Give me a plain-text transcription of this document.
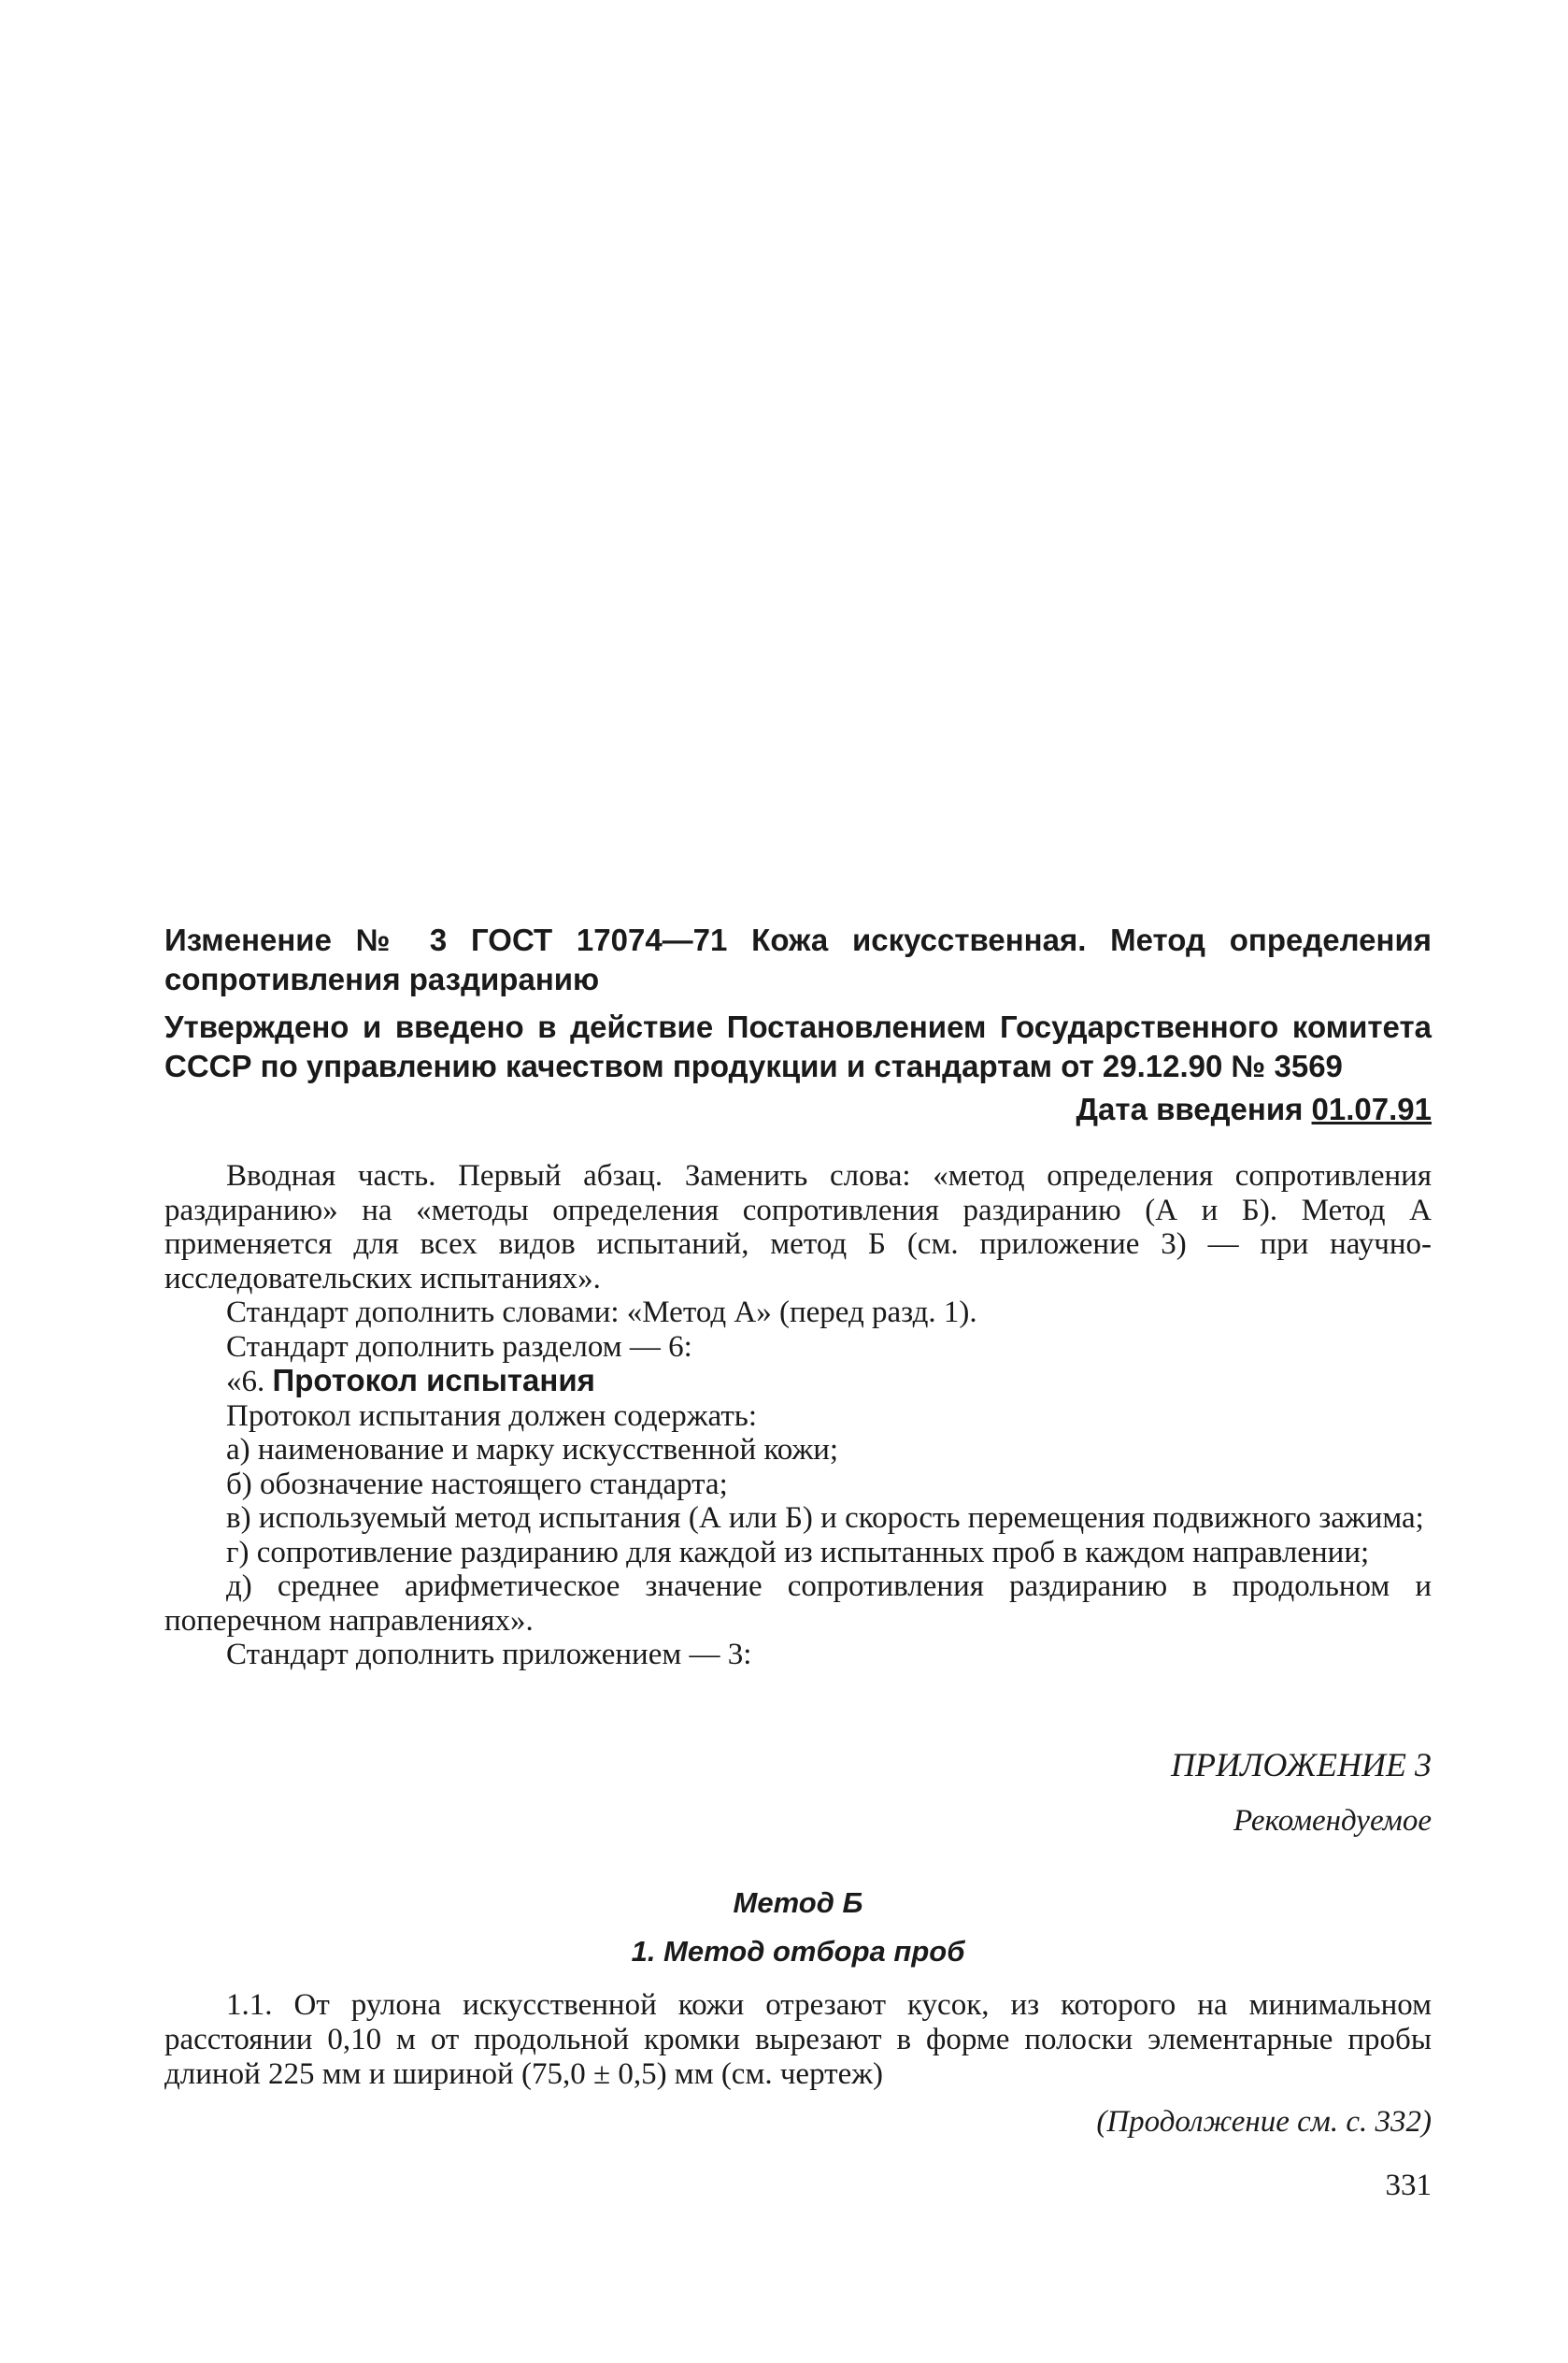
Изменение № 3 ГОСТ 17074—71 Кожа искусственная. Метод определения сопротивления раздиранию
Утверждено и введено в действие Постановлением Государственного комитета СССР по управлению качеством продукции и стандартам от 29.12.90 № 3569
Дата введения 01.07.91

Вводная часть. Первый абзац. Заменить слова: «метод определения сопротивления раздиранию» на «методы определения сопротивления раздиранию (А и Б). Метод А применяется для всех видов испытаний, метод Б (см. приложение 3) — при научно-исследовательских испытаниях».

Стандарт дополнить словами: «Метод А» (перед разд. 1).

Стандарт дополнить разделом — 6:

«6. Протокол испытания

Протокол испытания должен содержать:

а) наименование и марку искусственной кожи;

б) обозначение настоящего стандарта;

в) используемый метод испытания (А или Б) и скорость перемещения подвижного зажима;

г) сопротивление раздиранию для каждой из испытанных проб в каждом направлении;

д) среднее арифметическое значение сопротивления раздиранию в продольном и поперечном направлениях».

Стандарт дополнить приложением — 3:

ПРИЛОЖЕНИЕ 3
Рекомендуемое
Метод Б
1. Метод отбора проб

1.1. От рулона искусственной кожи отрезают кусок, из которого на минимальном расстоянии 0,10 м от продольной кромки вырезают в форме полоски элементарные пробы длиной 225 мм и шириной (75,0 ± 0,5) мм (см. чертеж)

(Продолжение см. с. 332)
331
